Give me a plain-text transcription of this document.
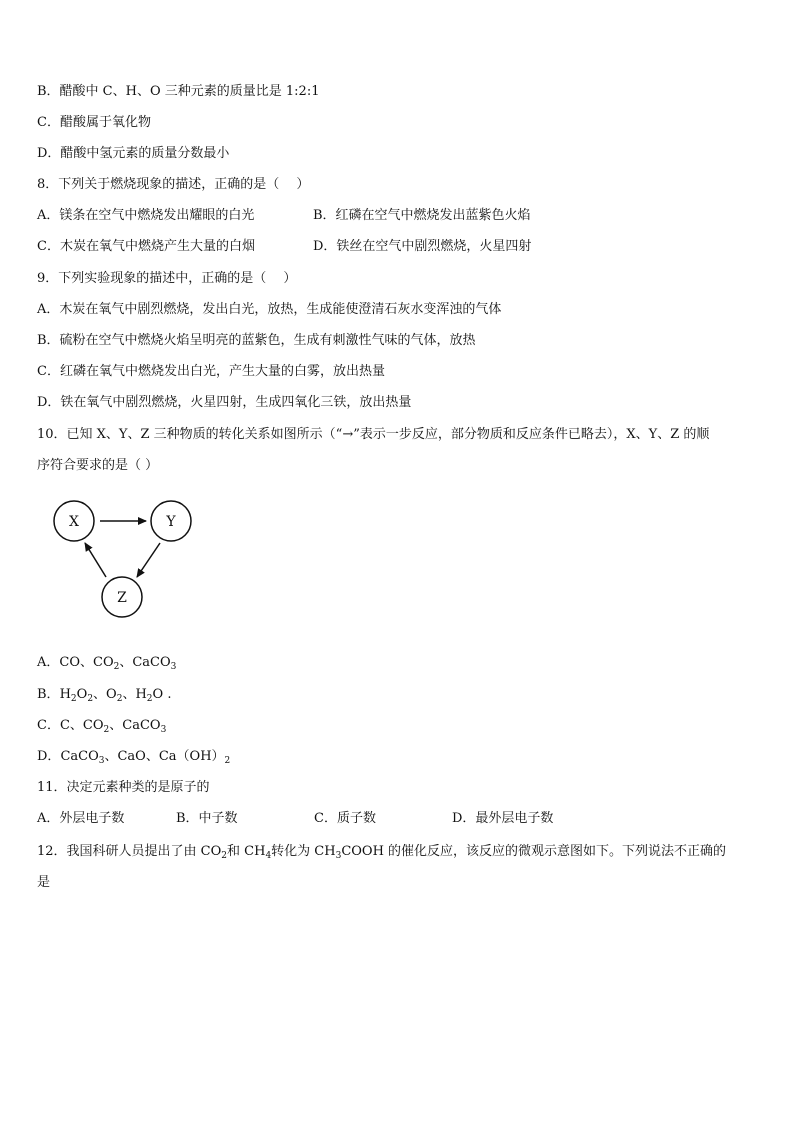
B．醋酸中 C、H、O 三种元素的质量比是 1:2:1
C．醋酸属于氧化物
D．醋酸中氢元素的质量分数最小
8．下列关于燃烧现象的描述，正确的是（　 ）
A．镁条在空气中燃烧发出耀眼的白光	B．红磷在空气中燃烧发出蓝紫色火焰
C．木炭在氧气中燃烧产生大量的白烟	D．铁丝在空气中剧烈燃烧，火星四射
9．下列实验现象的描述中，正确的是（　 ）
A．木炭在氧气中剧烈燃烧，发出白光，放热，生成能使澄清石灰水变浑浊的气体
B．硫粉在空气中燃烧火焰呈明亮的蓝紫色，生成有刺激性气味的气体，放热
C．红磷在氧气中燃烧发出白光，产生大量的白雾，放出热量
D．铁在氧气中剧烈燃烧，火星四射，生成四氧化三铁，放出热量
10．已知 X、Y、Z 三种物质的转化关系如图所示（“→”表示一步反应，部分物质和反应条件已略去），X、Y、Z 的顺
序符合要求的是（ ）
X	Y
Z
A．CO、$CO_2$、CaCO$_3$
B．$H_2O_2$、$O_2$、$H_2O$ .
C．C、$CO_2$、CaCO$_3$
D．CaCO$_3$、CaO、$Ca(OH)_2$
11．决定元素种类的是原子的
A．外层电子数	B．中子数	C．质子数	D．最外层电子数
12．我国科研人员提出了由 $CO_2$和 $CH_4$转化为 $CH_3COOH$ 的催化反应，该反应的微观示意图如下。下列说法不正确的
是
